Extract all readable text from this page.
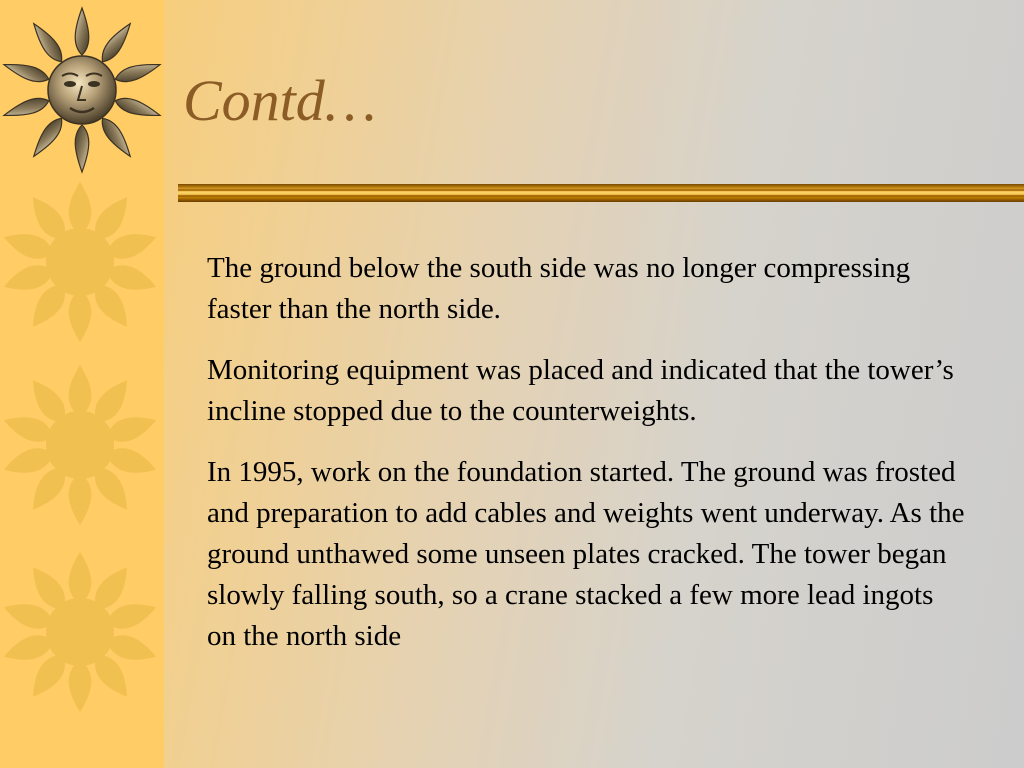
Contd…

The ground below the south side was no longer compressing faster than the north side.

Monitoring equipment was placed and indicated that the tower’s incline stopped due to the counterweights.

In 1995, work on the foundation started. The ground was frosted and preparation to add cables and weights went underway. As the ground unthawed some unseen plates cracked. The tower began slowly falling south, so a crane stacked a few more lead ingots on the north side
